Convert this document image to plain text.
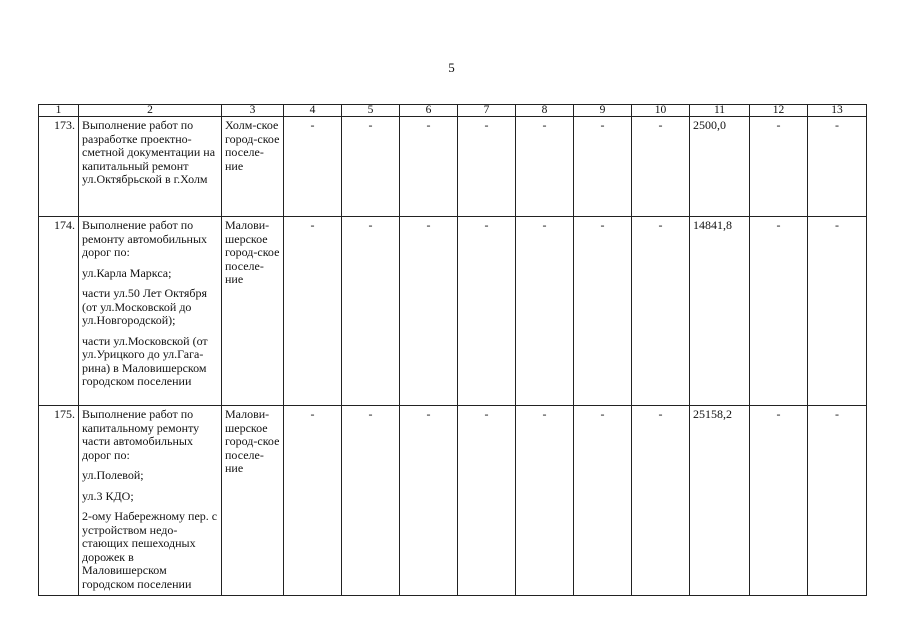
5
1	2	3	4	5	6	7	8	9	10	11	12	13
173.	Выполнение работ по разработке проектно-сметной документации на капитальный ремонт ул.Октябрьской в г.Холм	Холм-ское город-ское поселе-ние	-	-	-	-	-	-	-	2500,0	-	-
174.	Выполнение работ по ремонту автомобильных дорог по:
ул.Карла Маркса;
части ул.50 Лет Октября (от ул.Московской до ул.Новгородской);
части ул.Московской (от ул.Урицкого до ул.Гага-рина) в Маловишерском городском поселении	Малови-шерское город-ское поселе-ние	-	-	-	-	-	-	-	14841,8	-	-
175.	Выполнение работ по капитальному ремонту части автомобильных дорог по:
ул.Полевой;
ул.3 КДО;
2-ому Набережному пер. с устройством недо-стающих пешеходных дорожек в Маловишерском городском поселении	Малови-шерское город-ское поселе-ние	-	-	-	-	-	-	-	25158,2	-	-
